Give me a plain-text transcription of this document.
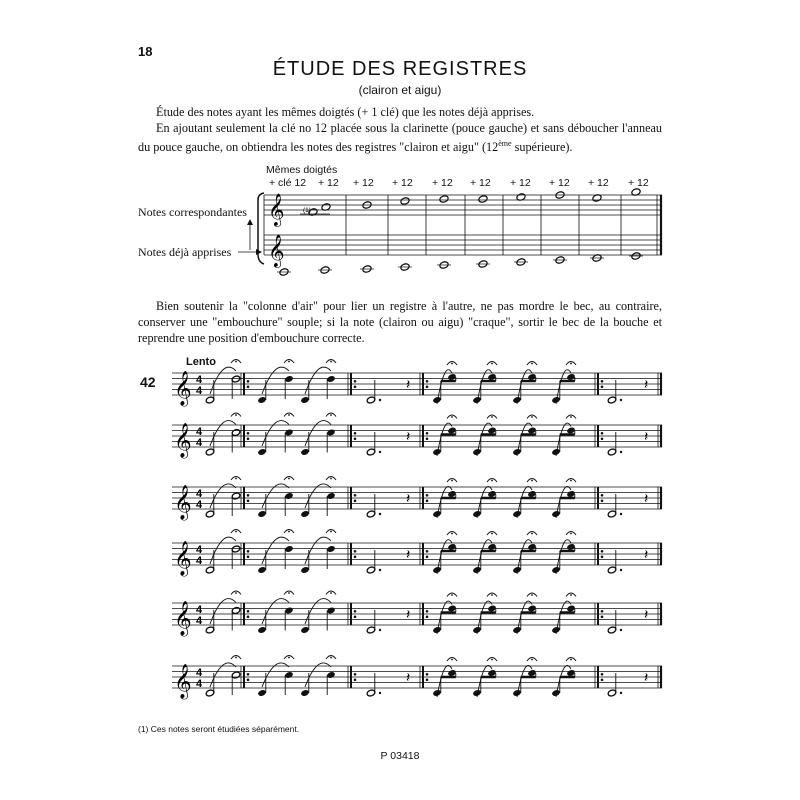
18
ÉTUDE DES REGISTRES
(clairon et aigu)

Étude des notes ayant les mêmes doigtés (+ 1 clé) que les notes déjà apprises.

En ajoutant seulement la clé no 12 placée sous la clarinette (pouce gauche) et sans déboucher l'anneau du pouce gauche, on obtiendra les notes des registres "clairon et aigu" (12ème supérieure).

Mêmes doigtés
+ clé 12 + 12 + 12 + 12 + 12 + 12 + 12 + 12 + 12 + 12
Notes correspondantes
Notes déjà apprises
𝄞
𝄞
(1)

Bien soutenir la "colonne d'air" pour lier un registre à l'autre, ne pas mordre le bec, au contraire, conserver une "embouchure" souple; si la note (clairon ou aigu) "craque", sortir le bec de la bouche et reprendre une position d'embouchure correcte.

42
Lento
𝄞 4
4	𝄽	𝄽
𝄞 4
4	𝄽	𝄽
𝄞 4
4	𝄽	𝄽
𝄞 4
4	𝄽	𝄽
𝄞 4
4	𝄽	𝄽
𝄞 4
4	𝄽	𝄽
(1) Ces notes seront étudiées séparément.
P 03418
